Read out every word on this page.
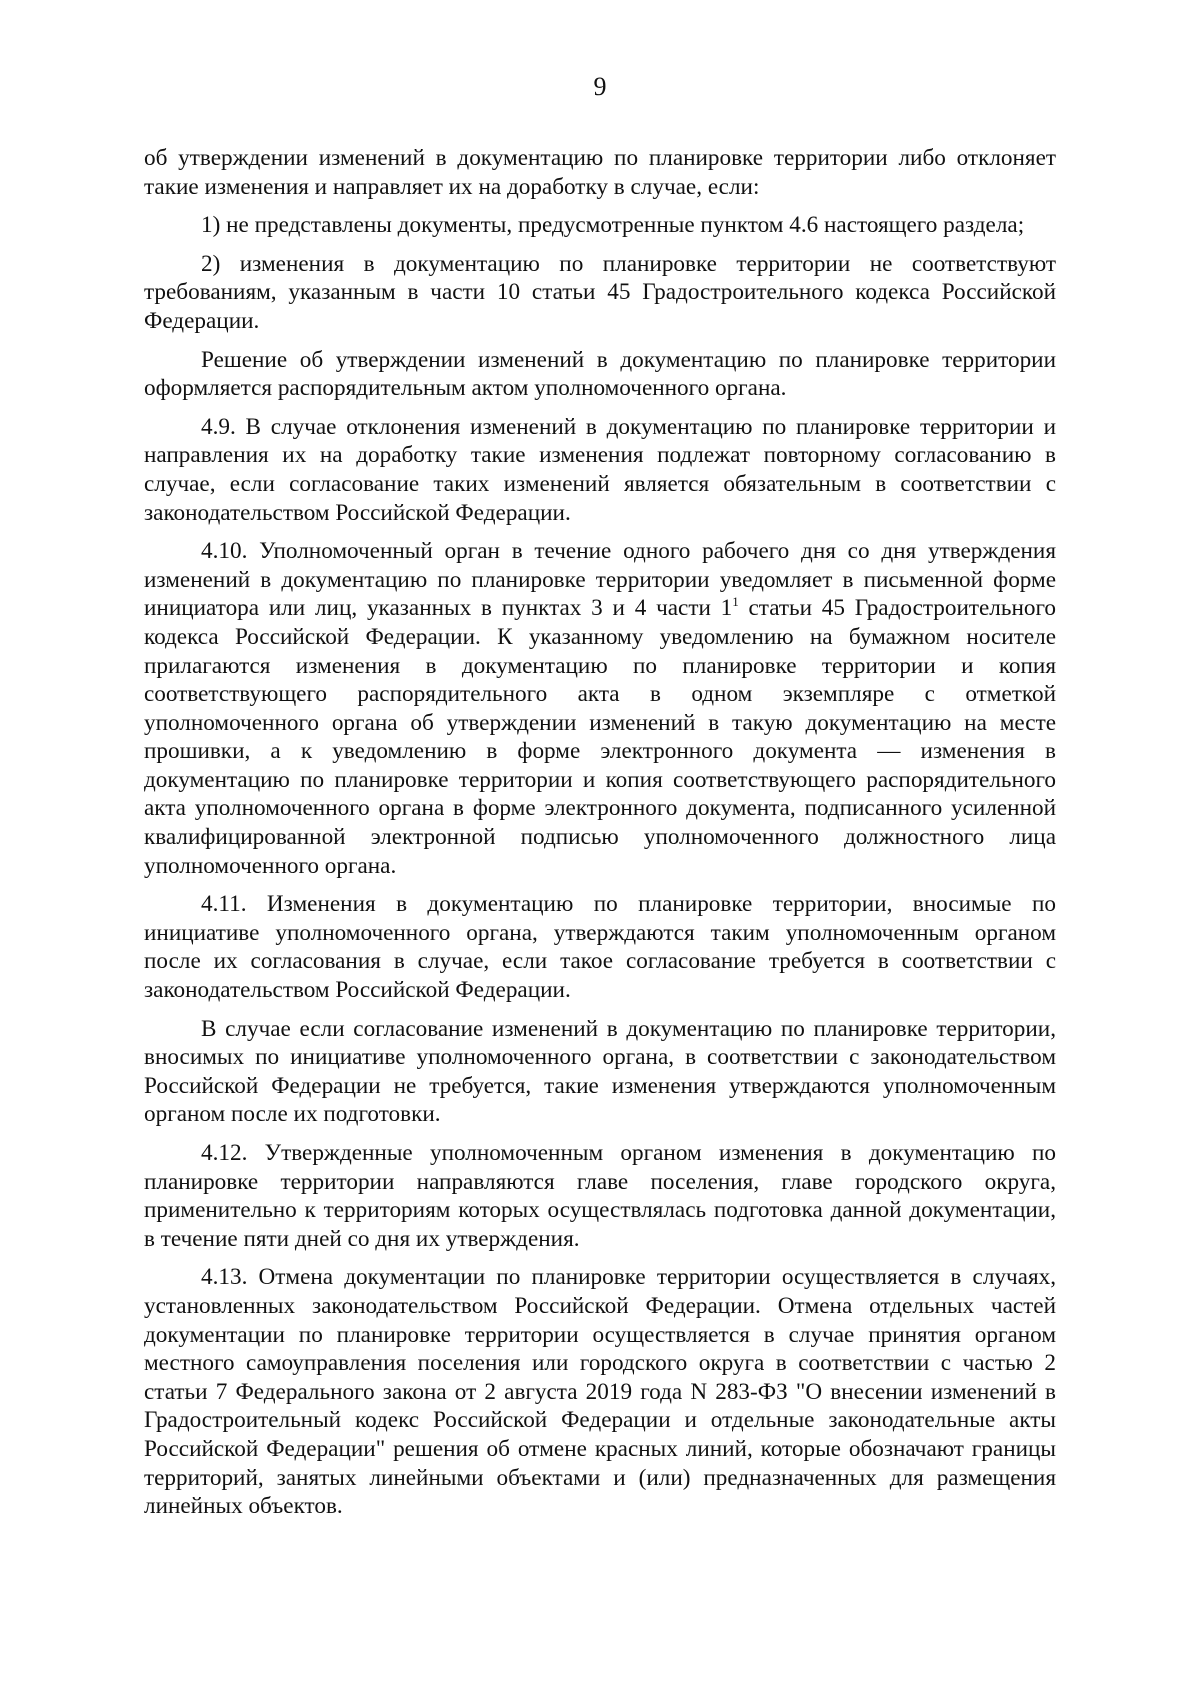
9

об утверждении изменений в документацию по планировке территории либо отклоняет такие изменения и направляет их на доработку в случае, если:

1) не представлены документы, предусмотренные пунктом 4.6 настоящего раздела;

2) изменения в документацию по планировке территории не соответствуют требованиям, указанным в части 10 статьи 45 Градостроительного кодекса Российской Федерации.

Решение об утверждении изменений в документацию по планировке территории оформляется распорядительным актом уполномоченного органа.

4.9. В случае отклонения изменений в документацию по планировке территории и направления их на доработку такие изменения подлежат повторному согласованию в случае, если согласование таких изменений является обязательным в соответствии с законодательством Российской Федерации.

4.10. Уполномоченный орган в течение одного рабочего дня со дня утверждения изменений в документацию по планировке территории уведомляет в письменной форме инициатора или лиц, указанных в пунктах 3 и 4 части $1^1$ статьи 45 Градостроительного кодекса Российской Федерации. К указанному уведомлению на бумажном носителе прилагаются изменения в документацию по планировке территории и копия соответствующего распорядительного акта в одном экземпляре с отметкой уполномоченного органа об утверждении изменений в такую документацию на месте прошивки, а к уведомлению в форме электронного документа — изменения в документацию по планировке территории и копия соответствующего распорядительного акта уполномоченного органа в форме электронного документа, подписанного усиленной квалифицированной электронной подписью уполномоченного должностного лица уполномоченного органа.

4.11. Изменения в документацию по планировке территории, вносимые по инициативе уполномоченного органа, утверждаются таким уполномоченным органом после их согласования в случае, если такое согласование требуется в соответствии с законодательством Российской Федерации.

В случае если согласование изменений в документацию по планировке территории, вносимых по инициативе уполномоченного органа, в соответствии с законодательством Российской Федерации не требуется, такие изменения утверждаются уполномоченным органом после их подготовки.

4.12. Утвержденные уполномоченным органом изменения в документацию по планировке территории направляются главе поселения, главе городского округа, применительно к территориям которых осуществлялась подготовка данной документации, в течение пяти дней со дня их утверждения.

4.13. Отмена документации по планировке территории осуществляется в случаях, установленных законодательством Российской Федерации. Отмена отдельных частей документации по планировке территории осуществляется в случае принятия органом местного самоуправления поселения или городского округа в соответствии с частью 2 статьи 7 Федерального закона от 2 августа 2019 года N 283-ФЗ "О внесении изменений в Градостроительный кодекс Российской Федерации и отдельные законодательные акты Российской Федерации" решения об отмене красных линий, которые обозначают границы территорий, занятых линейными объектами и (или) предназначенных для размещения линейных объектов.
